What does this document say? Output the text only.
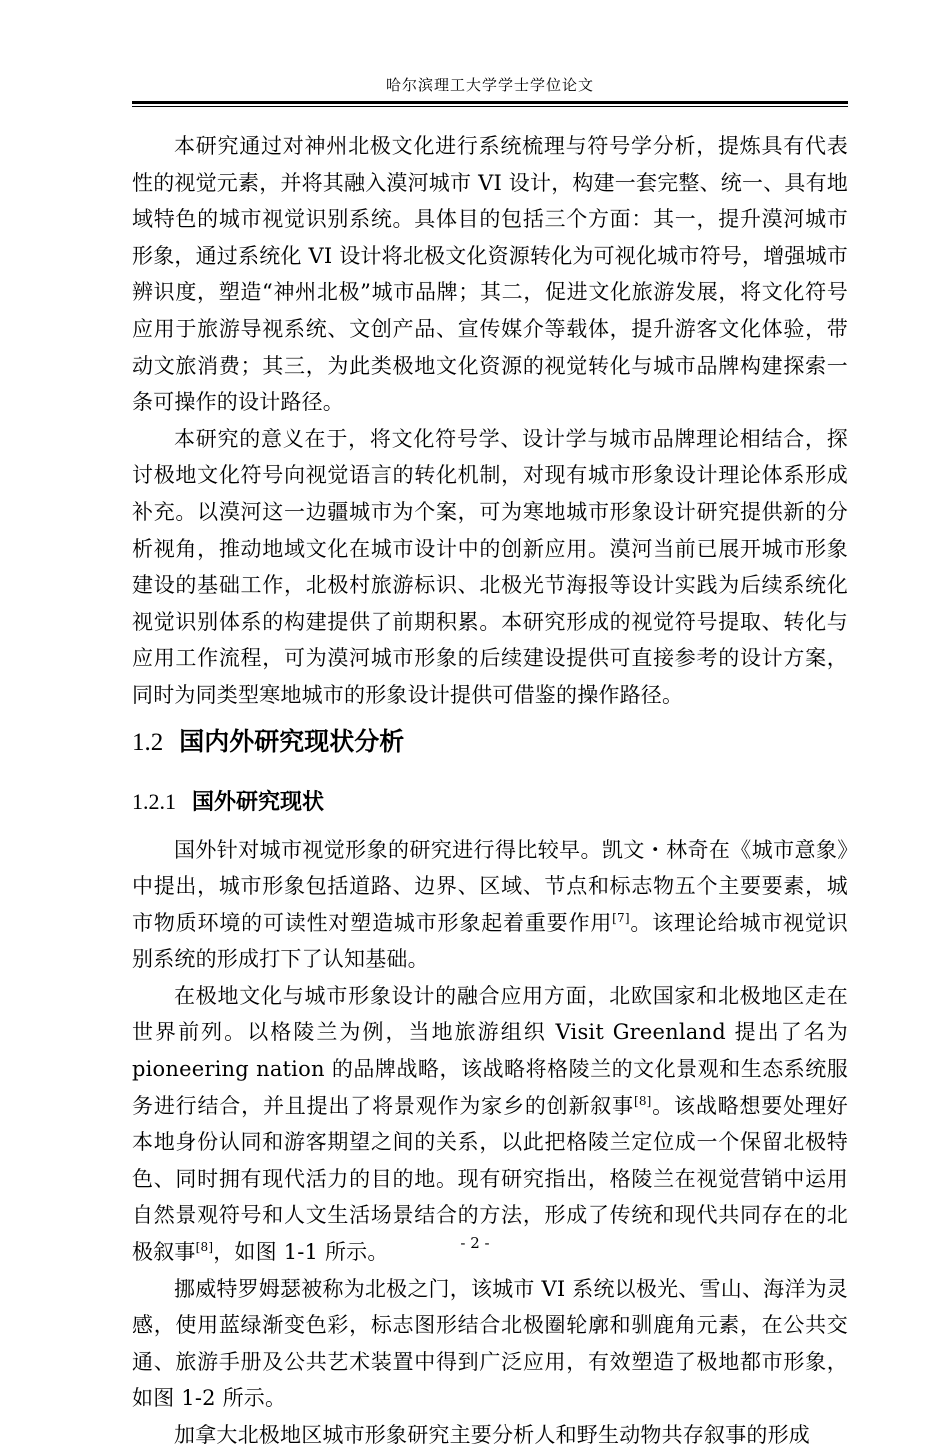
哈尔滨理工大学学士学位论文

本研究通过对神州北极文化进行系统梳理与符号学分析，提炼具有代表性的视觉元素，并将其融入漠河城市 VI 设计，构建一套完整、统一、具有地域特色的城市视觉识别系统。具体目的包括三个方面：其一，提升漠河城市形象，通过系统化 VI 设计将北极文化资源转化为可视化城市符号，增强城市辨识度，塑造“神州北极”城市品牌；其二，促进文化旅游发展，将文化符号应用于旅游导视系统、文创产品、宣传媒介等载体，提升游客文化体验，带动文旅消费；其三，为此类极地文化资源的视觉转化与城市品牌构建探索一条可操作的设计路径。

本研究的意义在于，将文化符号学、设计学与城市品牌理论相结合，探讨极地文化符号向视觉语言的转化机制，对现有城市形象设计理论体系形成补充。以漠河这一边疆城市为个案，可为寒地城市形象设计研究提供新的分析视角，推动地域文化在城市设计中的创新应用。漠河当前已展开城市形象建设的基础工作，北极村旅游标识、北极光节海报等设计实践为后续系统化视觉识别体系的构建提供了前期积累。本研究形成的视觉符号提取、转化与应用工作流程，可为漠河城市形象的后续建设提供可直接参考的设计方案，同时为同类型寒地城市的形象设计提供可借鉴的操作路径。

1.2 国内外研究现状分析
1.2.1 国外研究现状

国外针对城市视觉形象的研究进行得比较早。凯文・林奇在《城市意象》中提出，城市形象包括道路、边界、区域、节点和标志物五个主要要素，城市物质环境的可读性对塑造城市形象起着重要作用[7]。该理论给城市视觉识别系统的形成打下了认知基础。

在极地文化与城市形象设计的融合应用方面，北欧国家和北极地区走在世界前列。以格陵兰为例，当地旅游组织 Visit Greenland 提出了名为 pioneering nation 的品牌战略，该战略将格陵兰的文化景观和生态系统服务进行结合，并且提出了将景观作为家乡的创新叙事[8]。该战略想要处理好本地身份认同和游客期望之间的关系，以此把格陵兰定位成一个保留北极特色、同时拥有现代活力的目的地。现有研究指出，格陵兰在视觉营销中运用自然景观符号和人文生活场景结合的方法，形成了传统和现代共同存在的北极叙事[8]，如图 1-1 所示。

挪威特罗姆瑟被称为北极之门，该城市 VI 系统以极光、雪山、海洋为灵感，使用蓝绿渐变色彩，标志图形结合北极圈轮廓和驯鹿角元素，在公共交通、旅游手册及公共艺术装置中得到广泛应用，有效塑造了极地都市形象，如图 1-2 所示。

加拿大北极地区城市形象研究主要分析人和野生动物共存叙事的形成

- 2 -
